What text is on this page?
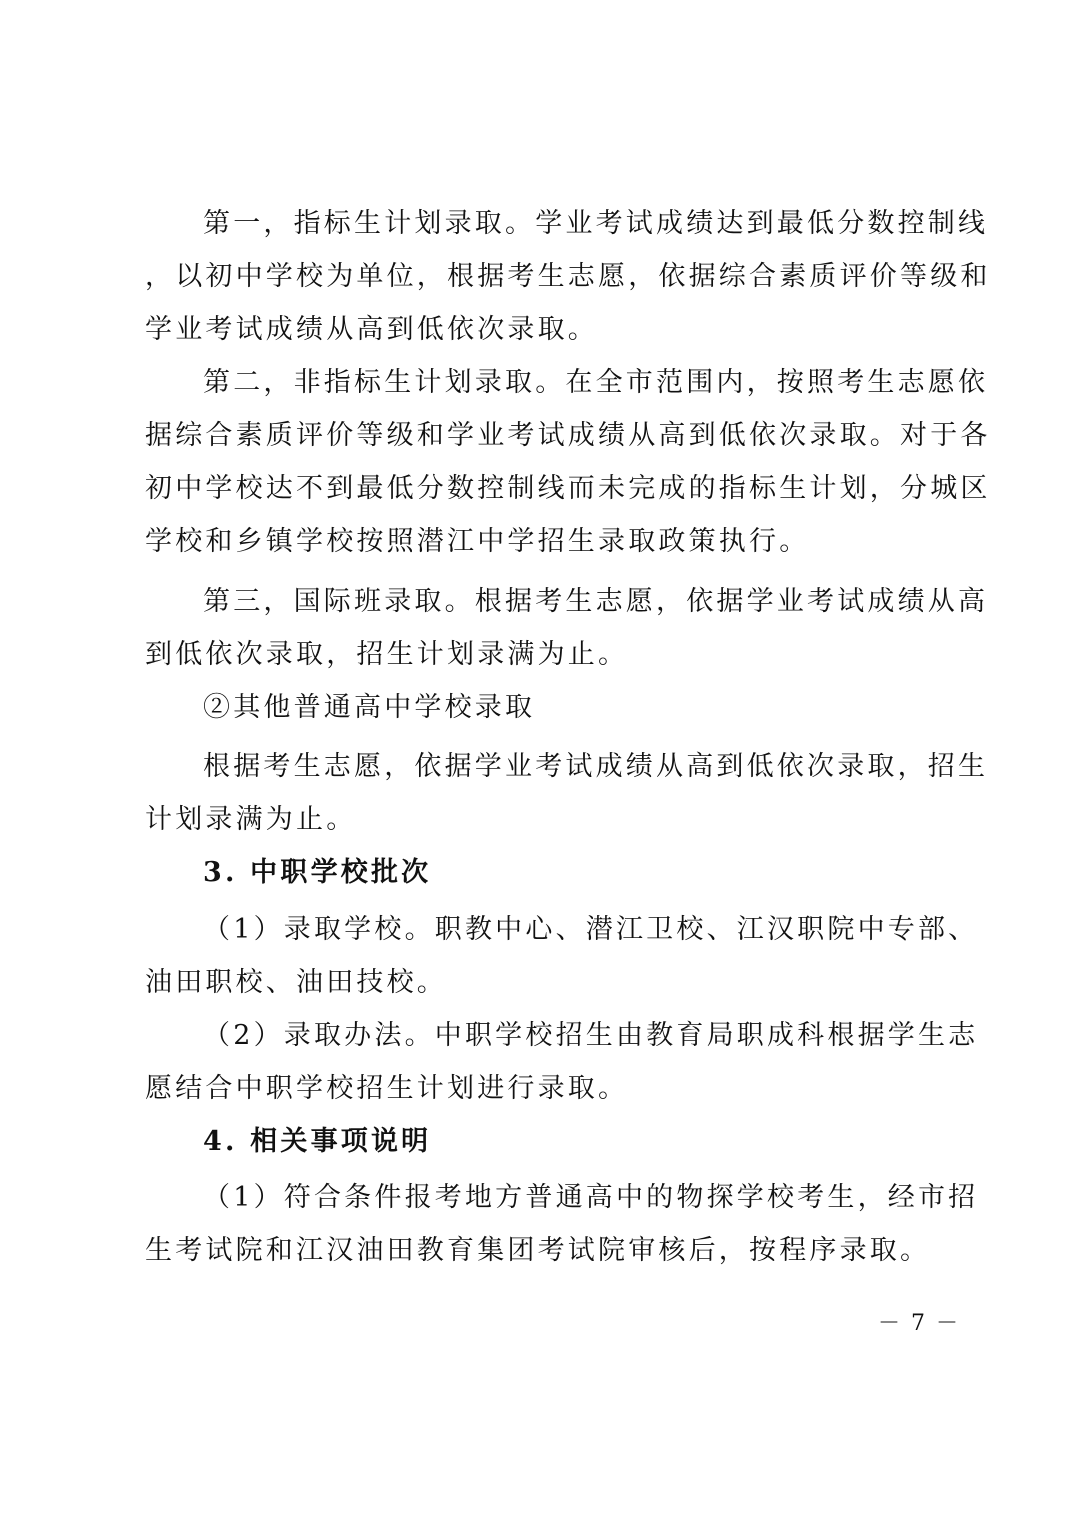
第一，指标生计划录取。学业考试成绩达到最低分数控制线
，以初中学校为单位，根据考生志愿，依据综合素质评价等级和
学业考试成绩从高到低依次录取。
第二，非指标生计划录取。在全市范围内，按照考生志愿依
据综合素质评价等级和学业考试成绩从高到低依次录取。对于各
初中学校达不到最低分数控制线而未完成的指标生计划，分城区
学校和乡镇学校按照潜江中学招生录取政策执行。
第三，国际班录取。根据考生志愿，依据学业考试成绩从高
到低依次录取，招生计划录满为止。
②其他普通高中学校录取
根据考生志愿，依据学业考试成绩从高到低依次录取，招生
计划录满为止。
3. 中职学校批次
（1）录取学校。职教中心、潜江卫校、江汉职院中专部、
油田职校、油田技校。
（2）录取办法。中职学校招生由教育局职成科根据学生志
愿结合中职学校招生计划进行录取。
4. 相关事项说明
（1）符合条件报考地方普通高中的物探学校考生，经市招
生考试院和江汉油田教育集团考试院审核后，按程序录取。
－ 7 －
